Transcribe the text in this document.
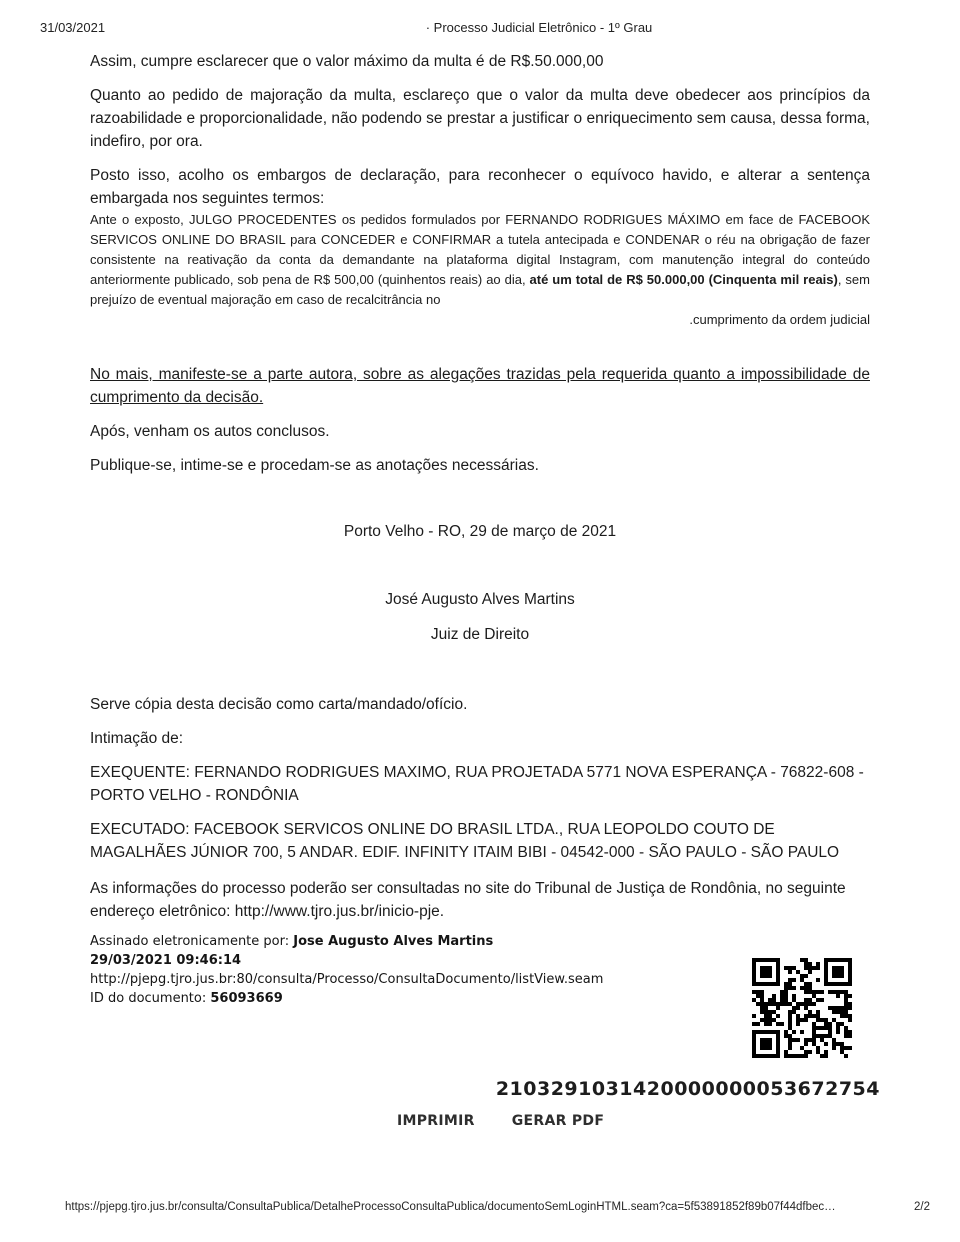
31/03/2021	· Processo Judicial Eletrônico - 1º Grau

Assim, cumpre esclarecer que o valor máximo da multa é de R$.50.000,00

Quanto ao pedido de majoração da multa, esclareço que o valor da multa deve obedecer aos princípios da razoabilidade e proporcionalidade, não podendo se prestar a justificar o enriquecimento sem causa, dessa forma, indefiro, por ora.

Posto isso, acolho os embargos de declaração, para reconhecer o equívoco havido, e alterar a sentença embargada nos seguintes termos:

Ante o exposto, JULGO PROCEDENTES os pedidos formulados por FERNANDO RODRIGUES MÁXIMO em face de FACEBOOK SERVICOS ONLINE DO BRASIL para CONCEDER e CONFIRMAR a tutela antecipada e CONDENAR o réu na obrigação de fazer consistente na reativação da conta da demandante na plataforma digital Instagram, com manutenção integral do conteúdo anteriormente publicado, sob pena de R$ 500,00 (quinhentos reais) ao dia, até um total de R$ 50.000,00 (Cinquenta mil reais), sem prejuízo de eventual majoração em caso de recalcitrância no

.cumprimento da ordem judicial

No mais, manifeste-se a parte autora, sobre as alegações trazidas pela requerida quanto a impossibilidade de cumprimento da decisão.

Após, venham os autos conclusos.

Publique-se, intime-se e procedam-se as anotações necessárias.

Porto Velho - RO, 29 de março de 2021

José Augusto Alves Martins

Juiz de Direito

Serve cópia desta decisão como carta/mandado/ofício.

Intimação de:

EXEQUENTE: FERNANDO RODRIGUES MAXIMO, RUA PROJETADA 5771 NOVA ESPERANÇA - 76822-608 - PORTO VELHO - RONDÔNIA

EXECUTADO: FACEBOOK SERVICOS ONLINE DO BRASIL LTDA., RUA LEOPOLDO COUTO DE MAGALHÃES JÚNIOR 700, 5 ANDAR. EDIF. INFINITY ITAIM BIBI - 04542-000 - SÃO PAULO - SÃO PAULO

As informações do processo poderão ser consultadas no site do Tribunal de Justiça de Rondônia, no seguinte endereço eletrônico: http://www.tjro.jus.br/inicio-pje.

Assinado eletronicamente por: Jose Augusto Alves Martins
29/03/2021 09:46:14
http://pjepg.tjro.jus.br:80/consulta/Processo/ConsultaDocumento/listView.seam
ID do documento: 56093669
2103291031420000000053672754
IMPRIMIR	GERAR PDF
https://pjepg.tjro.jus.br/consulta/ConsultaPublica/DetalheProcessoConsultaPublica/documentoSemLoginHTML.seam?ca=5f53891852f89b07f44dfbec…	2/2
